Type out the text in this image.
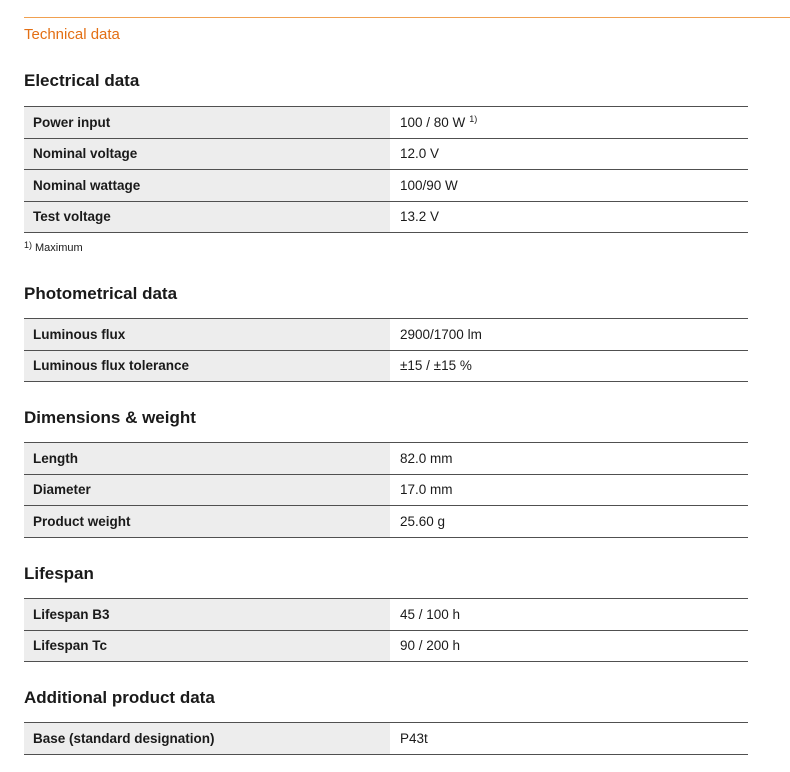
Technical data
Electrical data
Power input	100 / 80 W $^{1)}$
Nominal voltage	12.0 V
Nominal wattage	100/90 W
Test voltage	13.2 V
$^{1)}$ Maximum
Photometrical data
Luminous flux	2900/1700 lm
Luminous flux tolerance	±15 / ±15 %
Dimensions & weight
Length	82.0 mm
Diameter	17.0 mm
Product weight	25.60 g
Lifespan
Lifespan B3	45 / 100 h
Lifespan Tc	90 / 200 h
Additional product data
Base (standard designation)	P43t
